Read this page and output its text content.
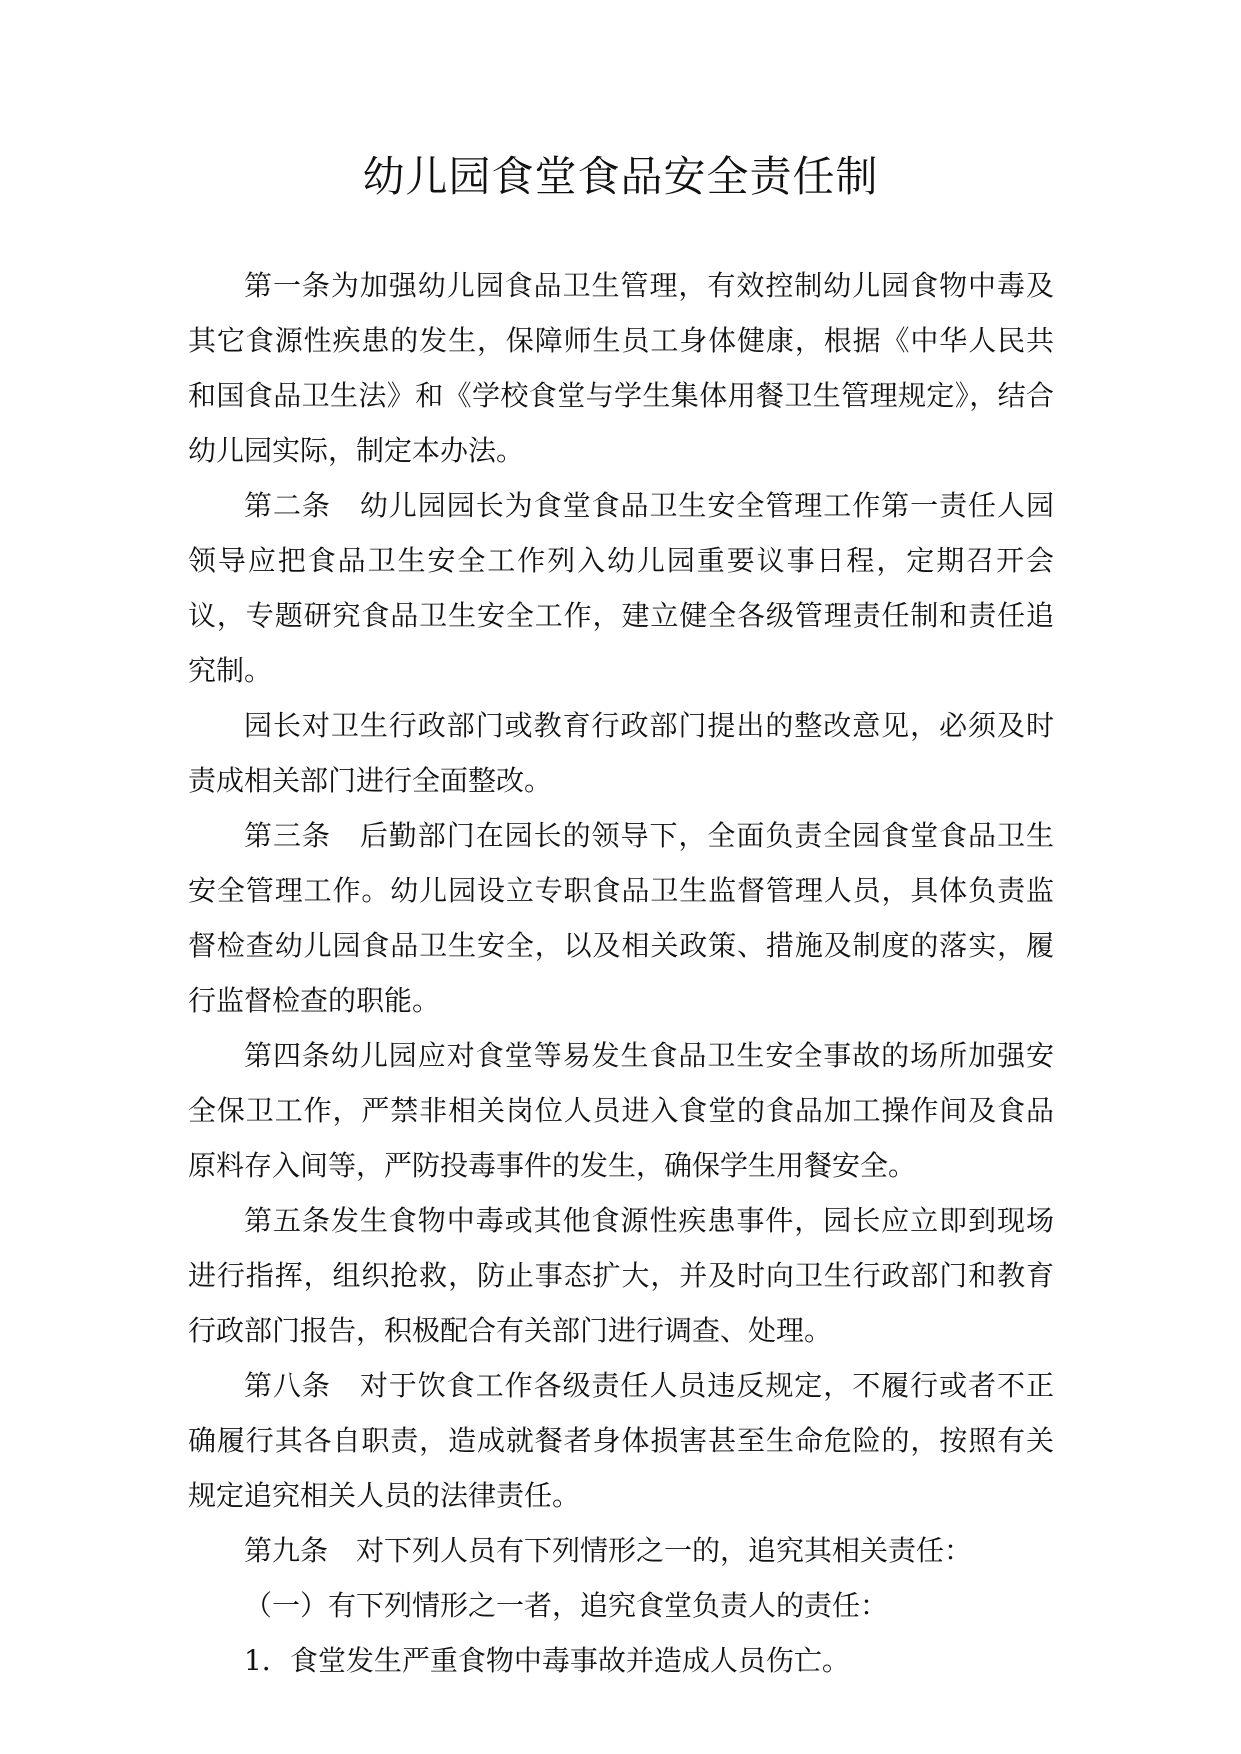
幼儿园食堂食品安全责任制

第一条为加强幼儿园食品卫生管理，有效控制幼儿园食物中毒及其它食源性疾患的发生，保障师生员工身体健康，根据《中华人民共和国食品卫生法》和《学校食堂与学生集体用餐卫生管理规定》，结合幼儿园实际，制定本办法。

第二条　幼儿园园长为食堂食品卫生安全管理工作第一责任人园领导应把食品卫生安全工作列入幼儿园重要议事日程，定期召开会议，专题研究食品卫生安全工作，建立健全各级管理责任制和责任追究制。

园长对卫生行政部门或教育行政部门提出的整改意见，必须及时责成相关部门进行全面整改。

第三条　后勤部门在园长的领导下，全面负责全园食堂食品卫生安全管理工作。幼儿园设立专职食品卫生监督管理人员，具体负责监督检查幼儿园食品卫生安全，以及相关政策、措施及制度的落实，履行监督检查的职能。

第四条幼儿园应对食堂等易发生食品卫生安全事故的场所加强安全保卫工作，严禁非相关岗位人员进入食堂的食品加工操作间及食品原料存入间等，严防投毒事件的发生，确保学生用餐安全。

第五条发生食物中毒或其他食源性疾患事件，园长应立即到现场进行指挥，组织抢救，防止事态扩大，并及时向卫生行政部门和教育行政部门报告，积极配合有关部门进行调查、处理。

第八条　对于饮食工作各级责任人员违反规定，不履行或者不正确履行其各自职责，造成就餐者身体损害甚至生命危险的，按照有关规定追究相关人员的法律责任。

第九条　对下列人员有下列情形之一的，追究其相关责任：

（一）有下列情形之一者，追究食堂负责人的责任：

1．食堂发生严重食物中毒事故并造成人员伤亡。
